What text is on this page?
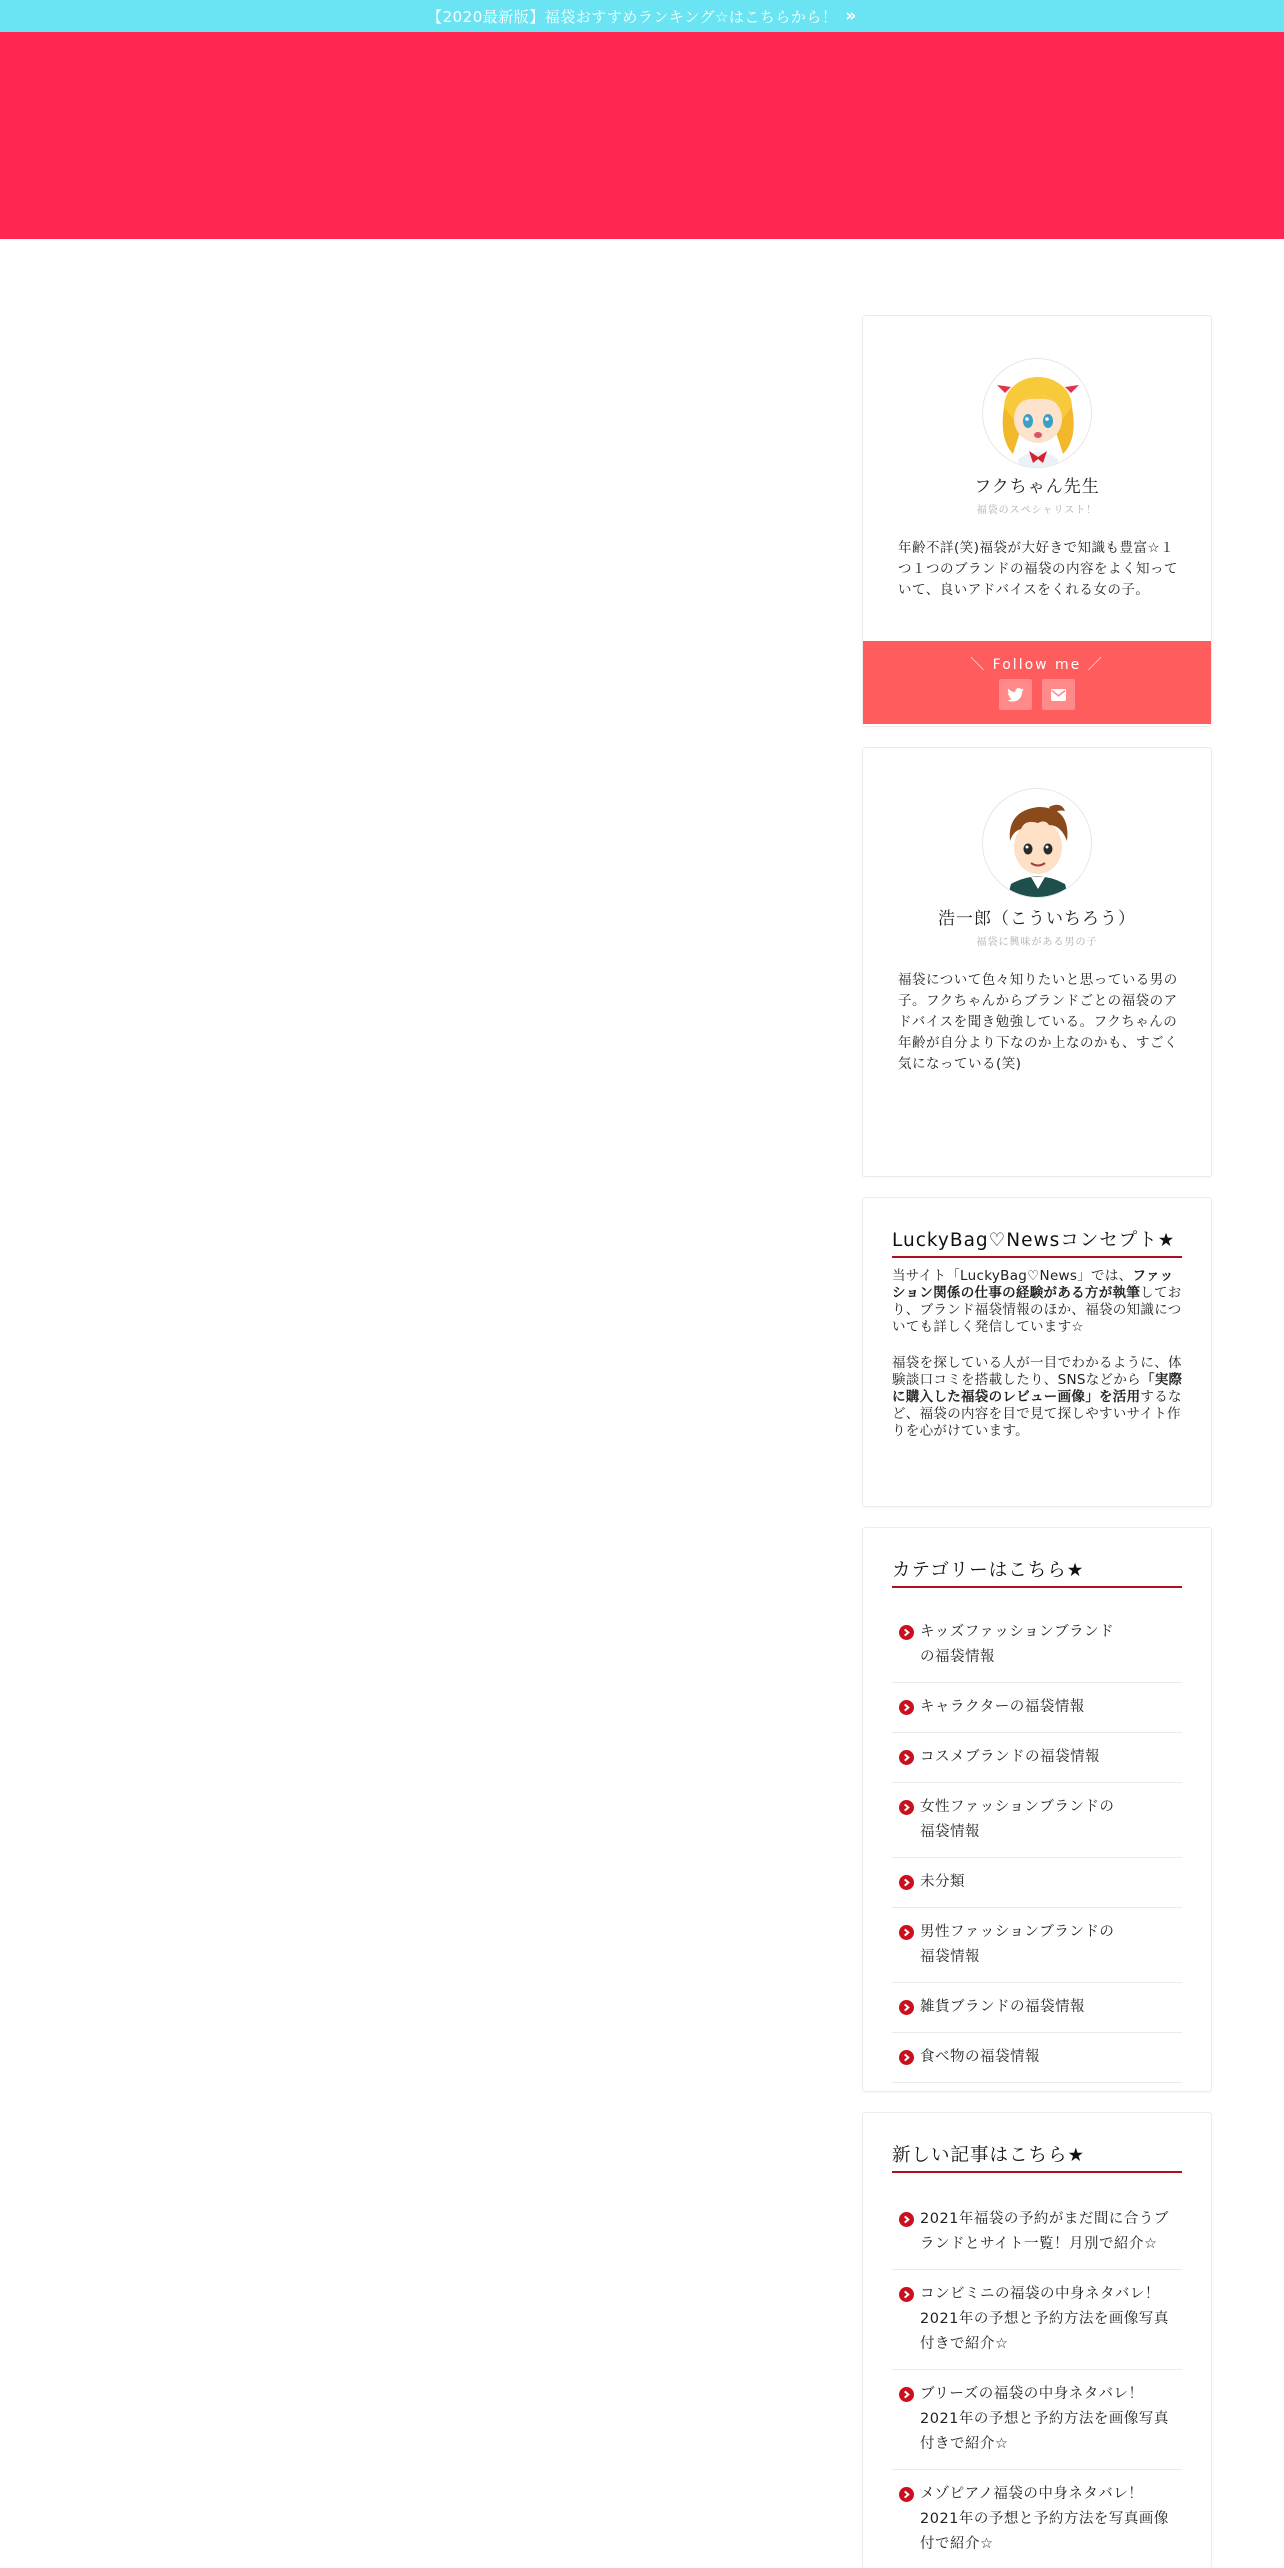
【2020最新版】福袋おすすめランキング☆はこちらから！ »
フクちゃん先生
福袋のスペシャリスト！
年齢不詳(笑)福袋が大好きで知識も豊富☆１つ１つのブランドの福袋の内容をよく知っていて、良いアドバイスをくれる女の子。
＼ Follow me ／
浩一郎（こういちろう）
福袋に興味がある男の子
福袋について色々知りたいと思っている男の子。フクちゃんからブランドごとの福袋のアドバイスを聞き勉強している。フクちゃんの年齢が自分より下なのか上なのかも、すごく気になっている(笑)
LuckyBag♡Newsコンセプト★
当サイト「LuckyBag♡News」では、ファッション関係の仕事の経験がある方が執筆しており、ブランド福袋情報のほか、福袋の知識についても詳しく発信しています☆
福袋を探している人が一目でわかるように、体験談口コミを搭載したり、SNSなどから「実際に購入した福袋のレビュー画像」を活用するなど、福袋の内容を目で見て探しやすいサイト作りを心がけています。
カテゴリーはこちら★
キッズファッションブランド
の福袋情報
キャラクターの福袋情報
コスメブランドの福袋情報
女性ファッションブランドの
福袋情報
未分類
男性ファッションブランドの
福袋情報
雑貨ブランドの福袋情報
食べ物の福袋情報
新しい記事はこちら★
2021年福袋の予約がまだ間に合うブ
ランドとサイト一覧！月別で紹介☆
コンビミニの福袋の中身ネタバレ！
2021年の予想と予約方法を画像写真
付きで紹介☆
ブリーズの福袋の中身ネタバレ！
2021年の予想と予約方法を画像写真
付きで紹介☆
メゾピアノ福袋の中身ネタバレ！
2021年の予想と予約方法を写真画像
付で紹介☆
